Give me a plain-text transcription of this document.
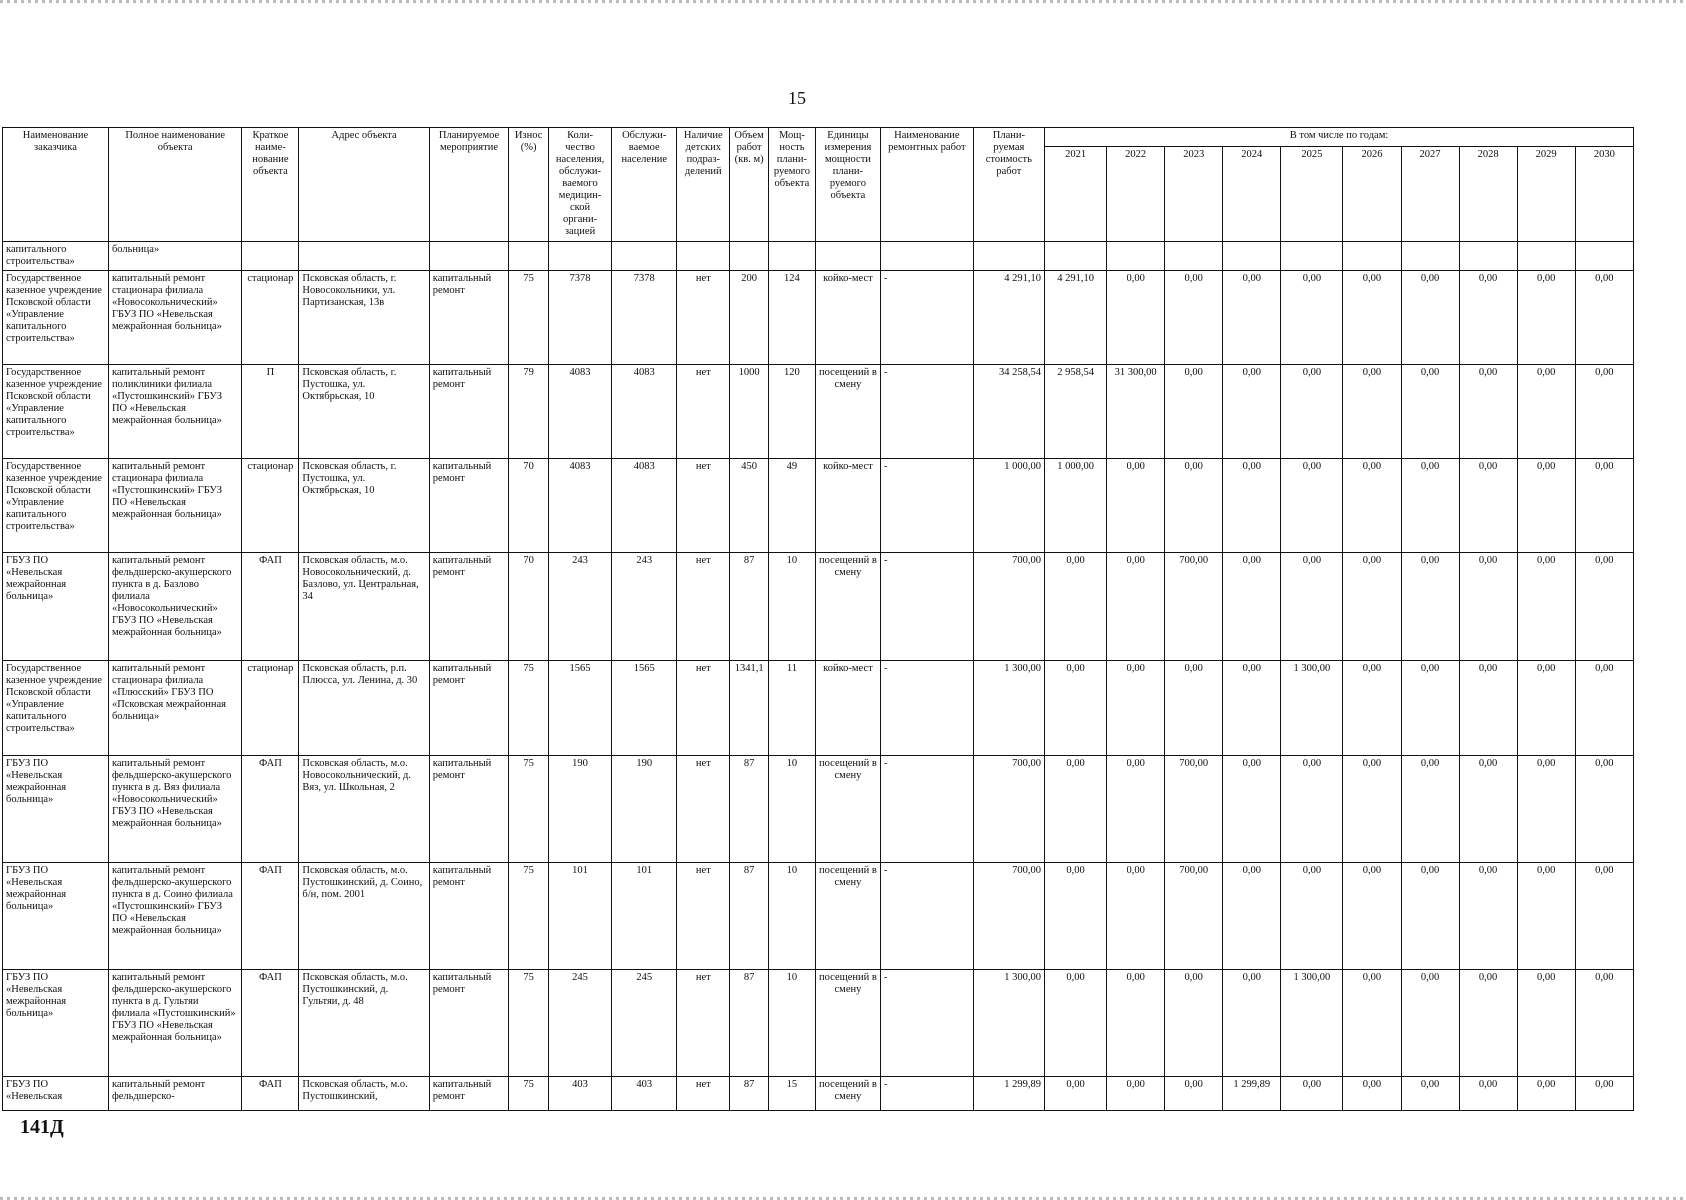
15
Наименование заказчика	Полное наименование объекта	Краткое наиме- нование объекта	Адрес объекта	Планируемое мероприятие	Износ (%)	Коли- чество населения, обслужи- ваемого медицин- ской органи- зацией	Обслужи- ваемое население	Наличие детских подраз- делений	Объем работ (кв. м)	Мощ- ность плани- руемого объекта	Единицы измерения мощности плани- руемого объекта	Наименование ремонтных работ	Плани- руемая стоимость работ	В том числе по годам:									
														2021	2022	2023	2024	2025	2026	2027	2028	2029	2030
капитального строительства»	больница»																						
Государственное казенное учреждение Псковской области «Управление капитального строительства»	капитальный ремонт стационара филиала «Новосокольнический» ГБУЗ ПО «Невельская межрайонная больница»	стационар	Псковская область, г. Новосокольники, ул. Партизанская, 13в	капитальный ремонт	75	7378	7378	нет	200	124	койко-мест	-	4 291,10	4 291,10	0,00	0,00	0,00	0,00	0,00	0,00	0,00	0,00	0,00
Государственное казенное учреждение Псковской области «Управление капитального строительства»	капитальный ремонт поликлиники филиала «Пустошкинский» ГБУЗ ПО «Невельская межрайонная больница»	П	Псковская область, г. Пустошка, ул. Октябрьская, 10	капитальный ремонт	79	4083	4083	нет	1000	120	посещений в смену	-	34 258,54	2 958,54	31 300,00	0,00	0,00	0,00	0,00	0,00	0,00	0,00	0,00
Государственное казенное учреждение Псковской области «Управление капитального строительства»	капитальный ремонт стационара филиала «Пустошкинский» ГБУЗ ПО «Невельская межрайонная больница»	стационар	Псковская область, г. Пустошка, ул. Октябрьская, 10	капитальный ремонт	70	4083	4083	нет	450	49	койко-мест	-	1 000,00	1 000,00	0,00	0,00	0,00	0,00	0,00	0,00	0,00	0,00	0,00
ГБУЗ ПО «Невельская межрайонная больница»	капитальный ремонт фельдшерско-акушерского пункта в д. Базлово филиала «Новосокольнический» ГБУЗ ПО «Невельская межрайонная больница»	ФАП	Псковская область, м.о. Новосокольнический, д. Базлово, ул. Центральная, 34	капитальный ремонт	70	243	243	нет	87	10	посещений в смену	-	700,00	0,00	0,00	700,00	0,00	0,00	0,00	0,00	0,00	0,00	0,00
Государственное казенное учреждение Псковской области «Управление капитального строительства»	капитальный ремонт стационара филиала «Плюсский» ГБУЗ ПО «Псковская межрайонная больница»	стационар	Псковская область, р.п. Плюсса, ул. Ленина, д. 30	капитальный ремонт	75	1565	1565	нет	1341,1	11	койко-мест	-	1 300,00	0,00	0,00	0,00	0,00	1 300,00	0,00	0,00	0,00	0,00	0,00
ГБУЗ ПО «Невельская межрайонная больница»	капитальный ремонт фельдшерско-акушерского пункта в д. Вяз филиала «Новосокольнический» ГБУЗ ПО «Невельская межрайонная больница»	ФАП	Псковская область, м.о. Новосокольнический, д. Вяз, ул. Школьная, 2	капитальный ремонт	75	190	190	нет	87	10	посещений в смену	-	700,00	0,00	0,00	700,00	0,00	0,00	0,00	0,00	0,00	0,00	0,00
ГБУЗ ПО «Невельская межрайонная больница»	капитальный ремонт фельдшерско-акушерского пункта в д. Соино филиала «Пустошкинский» ГБУЗ ПО «Невельская межрайонная больница»	ФАП	Псковская область, м.о. Пустошкинский, д. Соино, б/н, пом. 2001	капитальный ремонт	75	101	101	нет	87	10	посещений в смену	-	700,00	0,00	0,00	700,00	0,00	0,00	0,00	0,00	0,00	0,00	0,00
ГБУЗ ПО «Невельская межрайонная больница»	капитальный ремонт фельдшерско-акушерского пункта в д. Гультяи филиала «Пустошкинский» ГБУЗ ПО «Невельская межрайонная больница»	ФАП	Псковская область, м.о. Пустошкинский, д. Гультяи, д. 48	капитальный ремонт	75	245	245	нет	87	10	посещений в смену	-	1 300,00	0,00	0,00	0,00	0,00	1 300,00	0,00	0,00	0,00	0,00	0,00
ГБУЗ ПО «Невельская	капитальный ремонт фельдшерско-	ФАП	Псковская область, м.о. Пустошкинский,	капитальный ремонт	75	403	403	нет	87	15	посещений в смену	-	1 299,89	0,00	0,00	0,00	1 299,89	0,00	0,00	0,00	0,00	0,00	0,00
141Д
